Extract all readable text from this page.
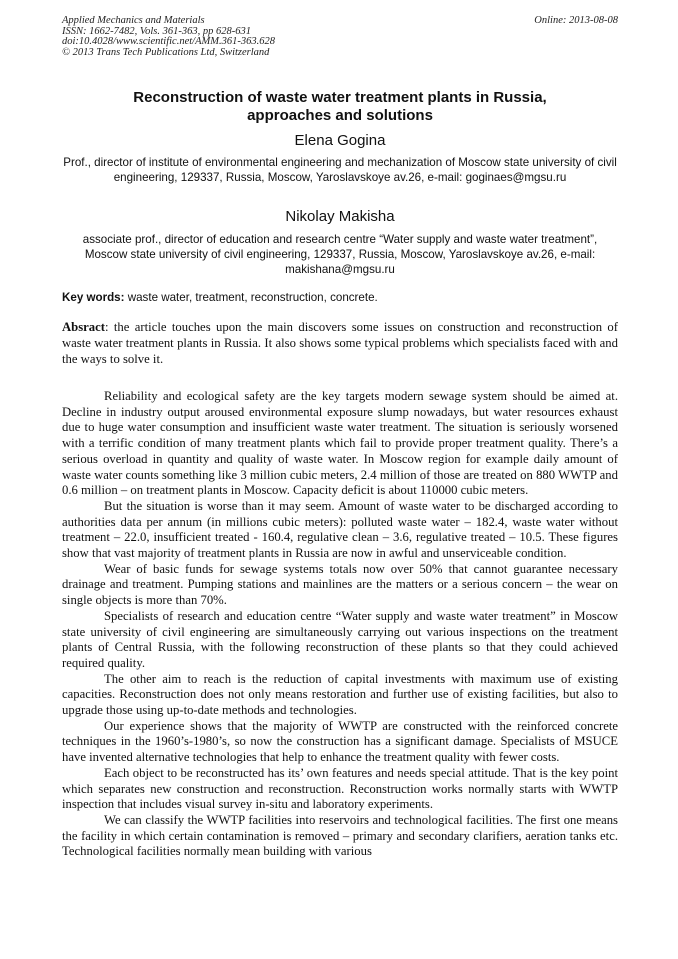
Applied Mechanics and Materials
ISSN: 1662-7482, Vols. 361-363, pp 628-631
doi:10.4028/www.scientific.net/AMM.361-363.628
© 2013 Trans Tech Publications Ltd, Switzerland
Online: 2013-08-08
Reconstruction of waste water treatment plants in Russia,
approaches and solutions
Elena Gogina
Prof., director of institute of environmental engineering and mechanization of Moscow state university of civil engineering, 129337, Russia, Moscow, Yaroslavskoye av.26, e-mail: goginaes@mgsu.ru
Nikolay Makisha
associate prof., director of education and research centre “Water supply and waste water treatment”, Moscow state university of civil engineering, 129337, Russia, Moscow, Yaroslavskoye av.26, e-mail: makishana@mgsu.ru
Key words: waste water, treatment, reconstruction, concrete.
Absract: the article touches upon the main discovers some issues on construction and reconstruction of waste water treatment plants in Russia. It also shows some typical problems which specialists faced with and the ways to solve it.

Reliability and ecological safety are the key targets modern sewage system should be aimed at. Decline in industry output aroused environmental exposure slump nowadays, but water resources exhaust due to huge water consumption and insufficient waste water treatment. The situation is seriously worsened with a terrific condition of many treatment plants which fail to provide proper treatment quality. There’s a serious overload in quantity and quality of waste water. In Moscow region for example daily amount of waste water counts something like 3 million cubic meters, 2.4 million of those are treated on 880 WWTP and 0.6 million – on treatment plants in Moscow. Capacity deficit is about 110000 cubic meters.

But the situation is worse than it may seem. Amount of waste water to be discharged according to authorities data per annum (in millions cubic meters): polluted waste water – 182.4, waste water without treatment – 22.0, insufficient treated - 160.4, regulative clean – 3.6, regulative treated – 10.5. These figures show that vast majority of treatment plants in Russia are now in awful and unserviceable condition.

Wear of basic funds for sewage systems totals now over 50% that cannot guarantee necessary drainage and treatment. Pumping stations and mainlines are the matters or a serious concern – the wear on single objects is more than 70%.

Specialists of research and education centre “Water supply and waste water treatment” in Moscow state university of civil engineering are simultaneously carrying out various inspections on the treatment plants of Central Russia, with the following reconstruction of these plants so that they could achieved required quality.

The other aim to reach is the reduction of capital investments with maximum use of existing capacities. Reconstruction does not only means restoration and further use of existing facilities, but also to upgrade those using up-to-date methods and technologies.

Our experience shows that the majority of WWTP are constructed with the reinforced concrete techniques in the 1960’s-1980’s, so now the construction has a significant damage. Specialists of MSUCE have invented alternative technologies that help to enhance the treatment quality with fewer costs.

Each object to be reconstructed has its’ own features and needs special attitude. That is the key point which separates new construction and reconstruction. Reconstruction works normally starts with WWTP inspection that includes visual survey in-situ and laboratory experiments.

We can classify the WWTP facilities into reservoirs and technological facilities. The first one means the facility in which certain contamination is removed – primary and secondary clarifiers, aeration tanks etc. Technological facilities normally mean building with various
